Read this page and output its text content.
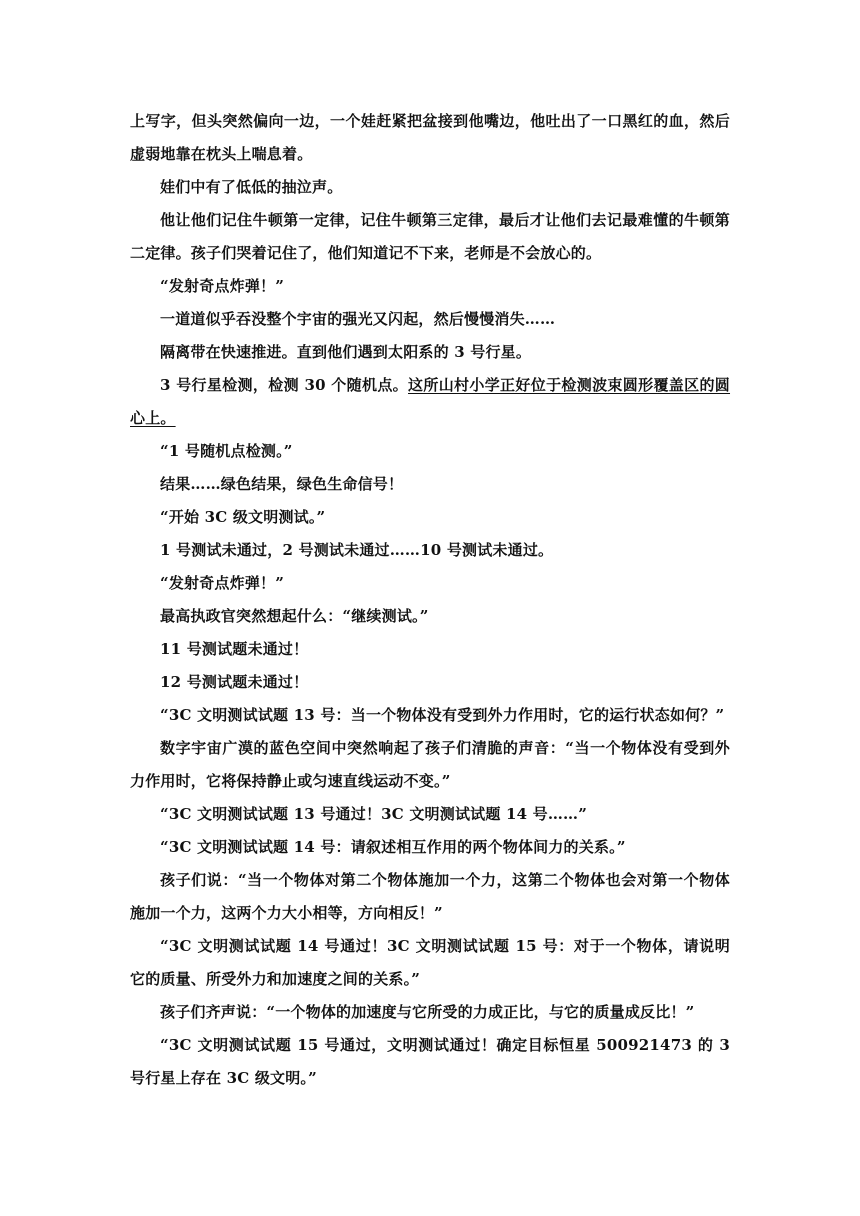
上写字，但头突然偏向一边，一个娃赶紧把盆接到他嘴边，他吐出了一口黑红的血，然后虚弱地靠在枕头上喘息着。

娃们中有了低低的抽泣声。

他让他们记住牛顿第一定律，记住牛顿第三定律，最后才让他们去记最难懂的牛顿第二定律。孩子们哭着记住了，他们知道记不下来，老师是不会放心的。

“发射奇点炸弹！”

一道道似乎吞没整个宇宙的强光又闪起，然后慢慢消失……

隔离带在快速推进。直到他们遇到太阳系的 3 号行星。

3 号行星检测，检测 30 个随机点。这所山村小学正好位于检测波束圆形覆盖区的圆心上。

“1 号随机点检测。”

结果……绿色结果，绿色生命信号！

“开始 3C 级文明测试。”

1 号测试未通过，2 号测试未通过……10 号测试未通过。

“发射奇点炸弹！”

最高执政官突然想起什么：“继续测试。”

11 号测试题未通过！

12 号测试题未通过！

“3C 文明测试试题 13 号：当一个物体没有受到外力作用时，它的运行状态如何？”

数字宇宙广漠的蓝色空间中突然响起了孩子们清脆的声音：“当一个物体没有受到外力作用时，它将保持静止或匀速直线运动不变。”

“3C 文明测试试题 13 号通过！3C 文明测试试题 14 号……”

“3C 文明测试试题 14 号：请叙述相互作用的两个物体间力的关系。”

孩子们说：“当一个物体对第二个物体施加一个力，这第二个物体也会对第一个物体施加一个力，这两个力大小相等，方向相反！”

“3C 文明测试试题 14 号通过！3C 文明测试试题 15 号：对于一个物体，请说明它的质量、所受外力和加速度之间的关系。”

孩子们齐声说：“一个物体的加速度与它所受的力成正比，与它的质量成反比！”

“3C 文明测试试题 15 号通过，文明测试通过！确定目标恒星 500921473 的 3 号行星上存在 3C 级文明。”
